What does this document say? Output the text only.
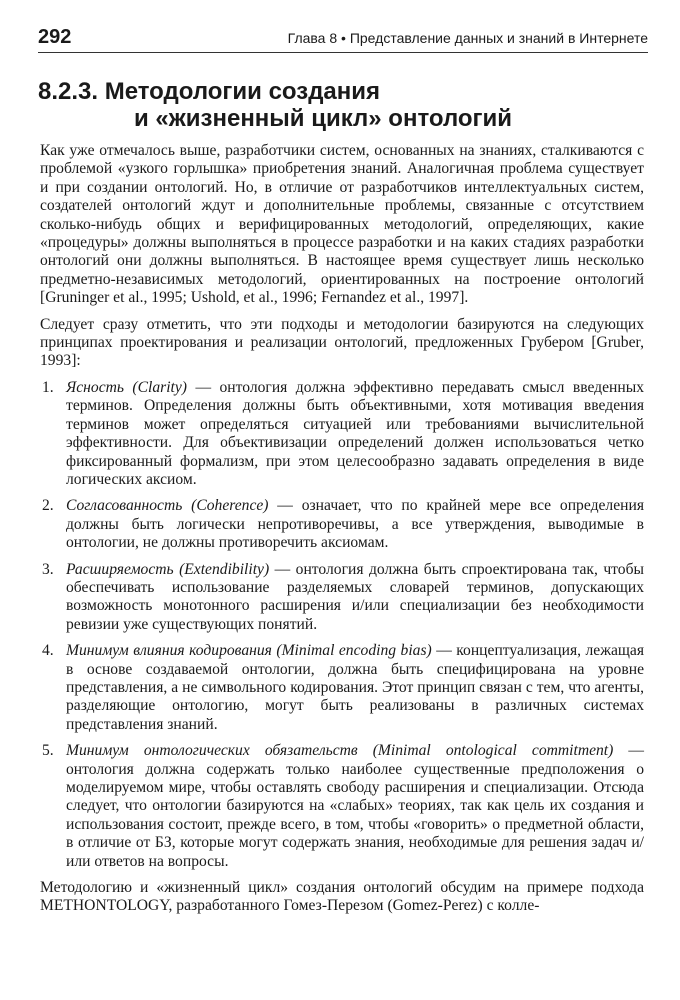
292	Глава 8 • Представление данных и знаний в Интернете
8.2.3. Методологии создания
и «жизненный цикл» онтологий

Как уже отмечалось выше, разработчики систем, основанных на знаниях, сталкиваются с проблемой «узкого горлышка» приобретения знаний. Аналогичная проблема существует и при создании онтологий. Но, в отличие от разработчиков интеллектуальных систем, создателей онтологий ждут и дополнительные проблемы, связанные с отсутствием сколько-нибудь общих и верифицированных методологий, определяющих, какие «процедуры» должны выполняться в процессе разработки и на каких стадиях разработки онтологий они должны выполняться. В настоящее время существует лишь несколько предметно-независимых методологий, ориентированных на построение онтологий [Gruninger et al., 1995; Ushold, et al., 1996; Fernandez et al., 1997].

Следует сразу отметить, что эти подходы и методологии базируются на следующих принципах проектирования и реализации онтологий, предложенных Грубером [Gruber, 1993]:

1. Ясность (Clarity) — онтология должна эффективно передавать смысл введенных терминов. Определения должны быть объективными, хотя мотивация введения терминов может определяться ситуацией или требованиями вычислительной эффективности. Для объективизации определений должен использоваться четко фиксированный формализм, при этом целесообразно задавать определения в виде логических аксиом.
2. Согласованность (Coherence) — означает, что по крайней мере все определения должны быть логически непротиворечивы, а все утверждения, выводимые в онтологии, не должны противоречить аксиомам.
3. Расширяемость (Extendibility) — онтология должна быть спроектирована так, чтобы обеспечивать использование разделяемых словарей терминов, допускающих возможность монотонного расширения и/или специализации без необходимости ревизии уже существующих понятий.
4. Минимум влияния кодирования (Minimal encoding bias) — концептуализация, лежащая в основе создаваемой онтологии, должна быть специфицирована на уровне представления, а не символьного кодирования. Этот принцип связан с тем, что агенты, разделяющие онтологию, могут быть реализованы в различных системах представления знаний.
5. Минимум онтологических обязательств (Minimal ontological commitment) — онтология должна содержать только наиболее существенные предположения о моделируемом мире, чтобы оставлять свободу расширения и специализации. Отсюда следует, что онтологии базируются на «слабых» теориях, так как цель их создания и использования состоит, прежде всего, в том, чтобы «говорить» о предметной области, в отличие от БЗ, которые могут содержать знания, необходимые для решения задач и/или ответов на вопросы.

Методологию и «жизненный цикл» создания онтологий обсудим на примере подхода METHONTOLOGY, разработанного Гомез-Перезом (Gomez-Perez) с колле-
